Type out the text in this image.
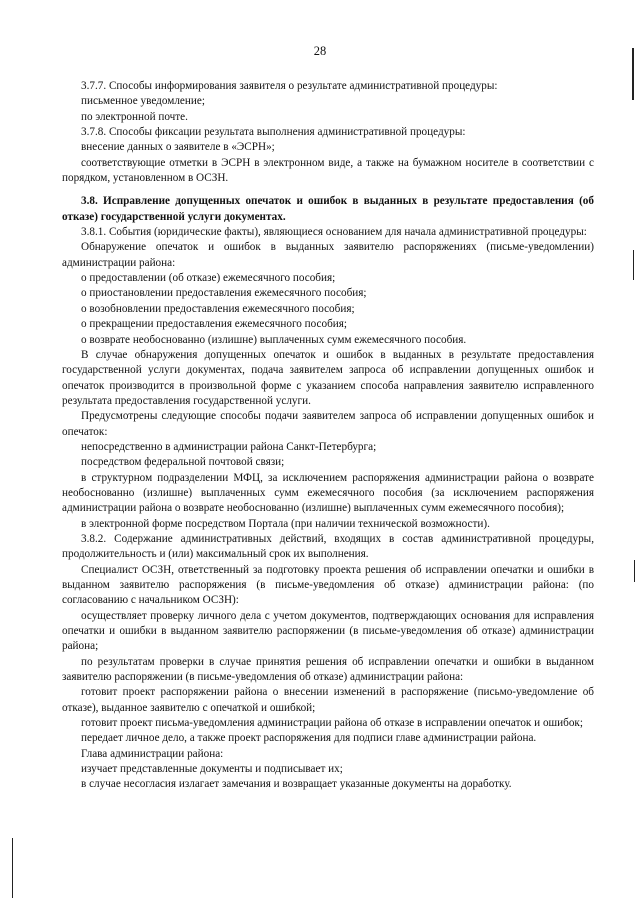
28

3.7.7. Способы информирования заявителя о результате административной процедуры:

письменное уведомление;

по электронной почте.

3.7.8. Способы фиксации результата выполнения административной процедуры:

внесение данных о заявителе в «ЭСРН»;

соответствующие отметки в ЭСРН в электронном виде, а также на бумажном носителе в соответствии с порядком, установленном в ОСЗН.

3.8. Исправление допущенных опечаток и ошибок в выданных в результате предоставления (об отказе) государственной услуги документах.

3.8.1. События (юридические факты), являющиеся основанием для начала административной процедуры:

Обнаружение опечаток и ошибок в выданных заявителю распоряжениях (письме-уведомлении) администрации района:

о предоставлении (об отказе) ежемесячного пособия;

о приостановлении предоставления ежемесячного пособия;

о возобновлении предоставления ежемесячного пособия;

о прекращении предоставления ежемесячного пособия;

о возврате необоснованно (излишне) выплаченных сумм ежемесячного пособия.

В случае обнаружения допущенных опечаток и ошибок в выданных в результате предоставления государственной услуги документах, подача заявителем запроса об исправлении допущенных ошибок и опечаток производится в произвольной форме с указанием способа направления заявителю исправленного результата предоставления государственной услуги.

Предусмотрены следующие способы подачи заявителем запроса об исправлении допущенных ошибок и опечаток:

непосредственно в администрации района Санкт-Петербурга;

посредством федеральной почтовой связи;

в структурном подразделении МФЦ, за исключением распоряжения администрации района о возврате необоснованно (излишне) выплаченных сумм ежемесячного пособия (за исключением распоряжения администрации района о возврате необоснованно (излишне) выплаченных сумм ежемесячного пособия);

в электронной форме посредством Портала (при наличии технической возможности).

3.8.2. Содержание административных действий, входящих в состав административной процедуры, продолжительность и (или) максимальный срок их выполнения.

Специалист ОСЗН, ответственный за подготовку проекта решения об исправлении опечатки и ошибки в выданном заявителю распоряжения (в письме-уведомления об отказе) администрации района: (по согласованию с начальником ОСЗН):

осуществляет проверку личного дела с учетом документов, подтверждающих основания для исправления опечатки и ошибки в выданном заявителю распоряжении (в письме-уведомления об отказе) администрации района;

по результатам проверки в случае принятия решения об исправлении опечатки и ошибки в выданном заявителю распоряжении (в письме-уведомления об отказе) администрации района:

готовит проект распоряжении района о внесении изменений в распоряжение (письмо-уведомление об отказе), выданное заявителю с опечаткой и ошибкой;

готовит проект письма-уведомления администрации района об отказе в исправлении опечаток и ошибок;

передает личное дело, а также проект распоряжения для подписи главе администрации района.

Глава администрации района:

изучает представленные документы и подписывает их;

в случае несогласия излагает замечания и возвращает указанные документы на доработку.
